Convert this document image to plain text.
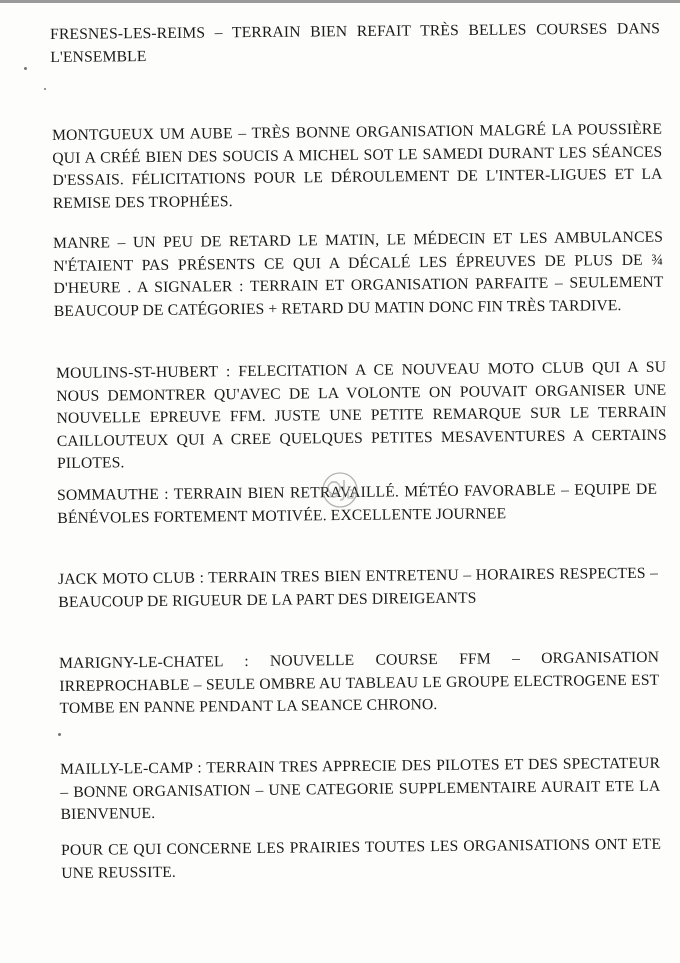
FRESNES-LES-REIMS – TERRAIN BIEN REFAIT TRÈS BELLES COURSES DANS L'ENSEMBLE

MONTGUEUX UM AUBE – TRÈS BONNE ORGANISATION MALGRÉ LA POUSSIÈRE QUI A CRÉÉ BIEN DES SOUCIS A MICHEL SOT LE SAMEDI DURANT LES SÉANCES D'ESSAIS. FÉLICITATIONS POUR LE DÉROULEMENT DE L'INTER-LIGUES ET LA REMISE DES TROPHÉES.

MANRE – UN PEU DE RETARD LE MATIN, LE MÉDECIN ET LES AMBULANCES N'ÉTAIENT PAS PRÉSENTS CE QUI A DÉCALÉ LES ÉPREUVES DE PLUS DE ¾ D'HEURE . A SIGNALER : TERRAIN ET ORGANISATION PARFAITE – SEULEMENT BEAUCOUP DE CATÉGORIES + RETARD DU MATIN DONC FIN TRÈS TARDIVE.

MOULINS-ST-HUBERT : FELECITATION A CE NOUVEAU MOTO CLUB QUI A SU NOUS DEMONTRER QU'AVEC DE LA VOLONTE ON POUVAIT ORGANISER UNE NOUVELLE EPREUVE FFM. JUSTE UNE PETITE REMARQUE SUR LE TERRAIN CAILLOUTEUX QUI A CREE QUELQUES PETITES MESAVENTURES A CERTAINS PILOTES.

SOMMAUTHE : TERRAIN BIEN RETRAVAILLÉ. MÉTÉO FAVORABLE – EQUIPE DE BÉNÉVOLES FORTEMENT MOTIVÉE. EXCELLENTE JOURNEE

JACK MOTO CLUB : TERRAIN TRES BIEN ENTRETENU – HORAIRES RESPECTES – BEAUCOUP DE RIGUEUR DE LA PART DES DIREIGEANTS

MARIGNY-LE-CHATEL : NOUVELLE COURSE FFM – ORGANISATION IRREPROCHABLE – SEULE OMBRE AU TABLEAU LE GROUPE ELECTROGENE EST TOMBE EN PANNE PENDANT LA SEANCE CHRONO.

MAILLY-LE-CAMP : TERRAIN TRES APPRECIE DES PILOTES ET DES SPECTATEUR – BONNE ORGANISATION – UNE CATEGORIE SUPPLEMENTAIRE AURAIT ETE LA BIENVENUE.

POUR CE QUI CONCERNE LES PRAIRIES TOUTES LES ORGANISATIONS ONT ETE UNE REUSSITE.
